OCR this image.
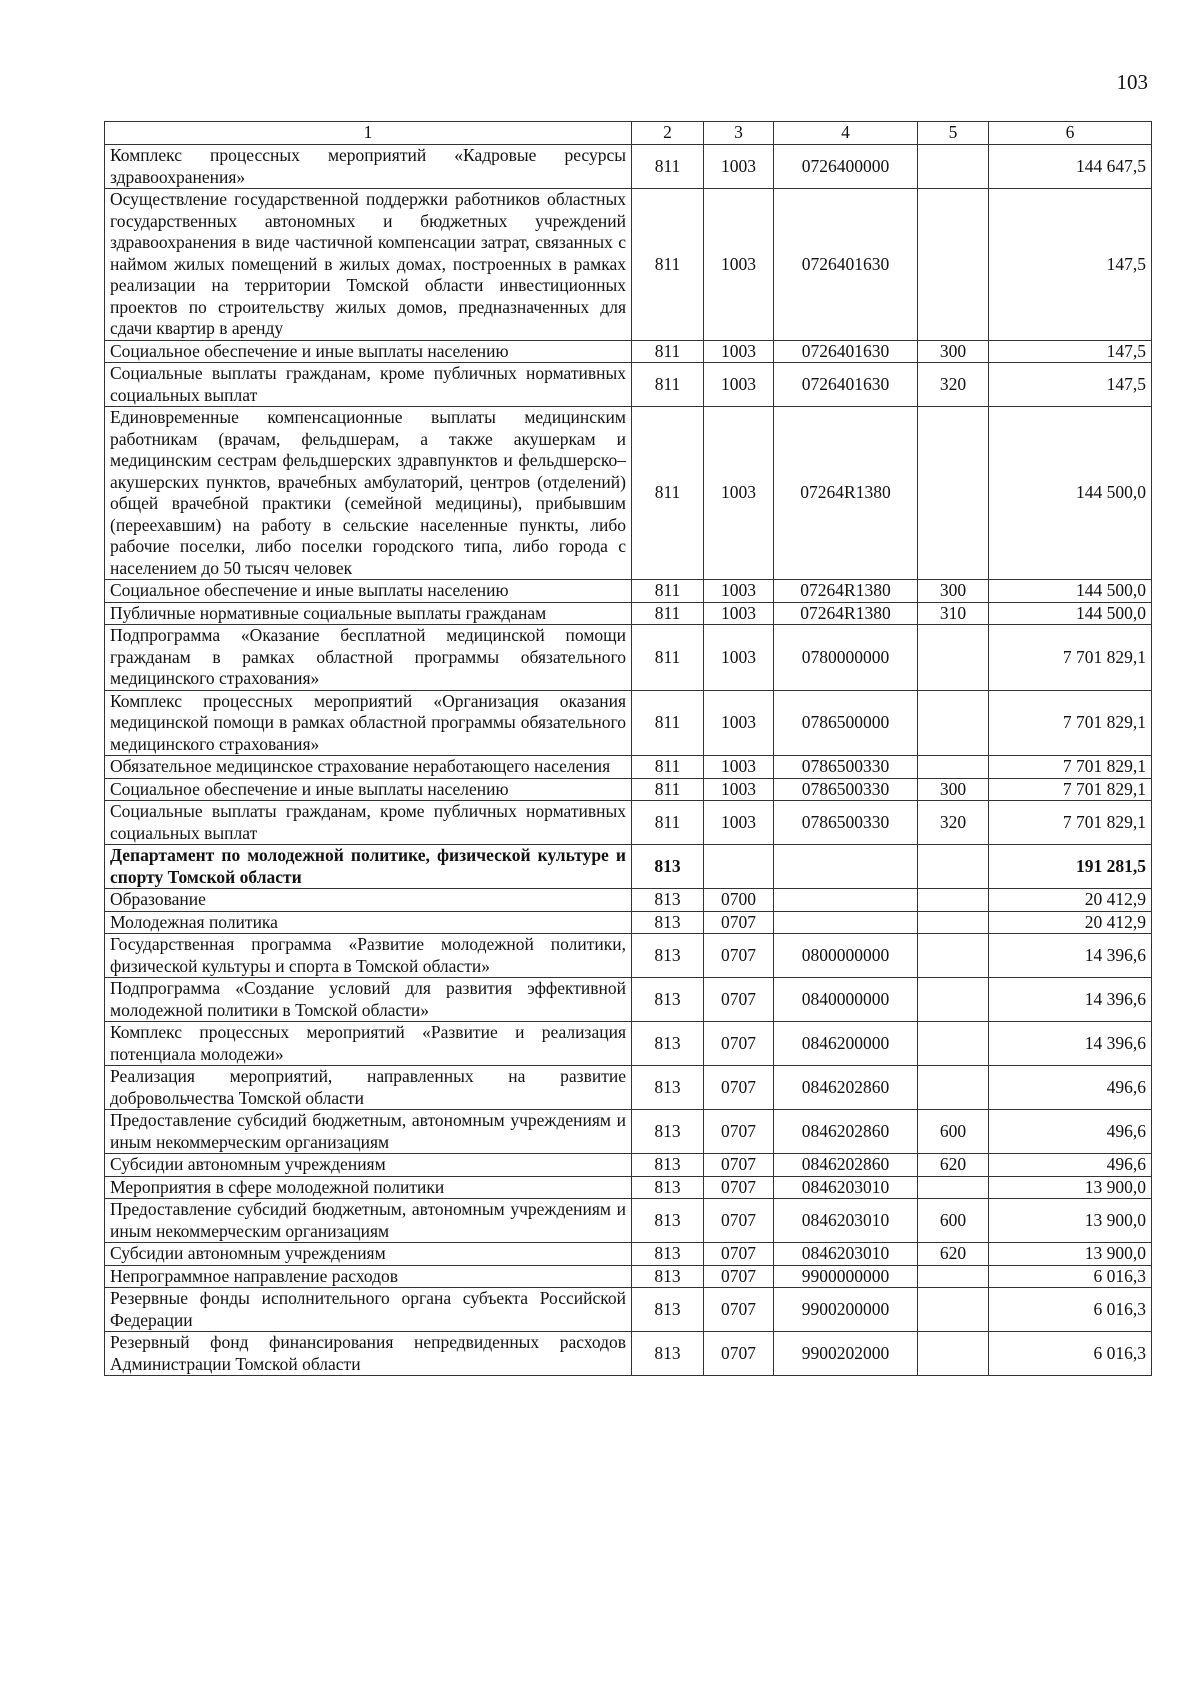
103
1	2	3	4	5	6
Комплекс процессных мероприятий «Кадровые ресурсы здравоохранения»	811	1003	0726400000		144 647,5
Осуществление государственной поддержки работников областных государственных автономных и бюджетных учреждений здравоохранения в виде частичной компенсации затрат, связанных с наймом жилых помещений в жилых домах, построенных в рамках реализации на территории Томской области инвестиционных проектов по строительству жилых домов, предназначенных для сдачи квартир в аренду	811	1003	0726401630		147,5
Социальное обеспечение и иные выплаты населению	811	1003	0726401630	300	147,5
Социальные выплаты гражданам, кроме публичных нормативных социальных выплат	811	1003	0726401630	320	147,5
Единовременные компенсационные выплаты медицинским работникам (врачам, фельдшерам, а также акушеркам и медицинским сестрам фельдшерских здравпунктов и фельдшерско–акушерских пунктов, врачебных амбулаторий, центров (отделений) общей врачебной практики (семейной медицины), прибывшим (переехавшим) на работу в сельские населенные пункты, либо рабочие поселки, либо поселки городского типа, либо города с населением до 50 тысяч человек	811	1003	07264R1380		144 500,0
Социальное обеспечение и иные выплаты населению	811	1003	07264R1380	300	144 500,0
Публичные нормативные социальные выплаты гражданам	811	1003	07264R1380	310	144 500,0
Подпрограмма «Оказание бесплатной медицинской помощи гражданам в рамках областной программы обязательного медицинского страхования»	811	1003	0780000000		7 701 829,1
Комплекс процессных мероприятий «Организация оказания медицинской помощи в рамках областной программы обязательного медицинского страхования»	811	1003	0786500000		7 701 829,1
Обязательное медицинское страхование неработающего населения	811	1003	0786500330		7 701 829,1
Социальное обеспечение и иные выплаты населению	811	1003	0786500330	300	7 701 829,1
Социальные выплаты гражданам, кроме публичных нормативных социальных выплат	811	1003	0786500330	320	7 701 829,1
Департамент по молодежной политике, физической культуре и спорту Томской области	813				191 281,5
Образование	813	0700			20 412,9
Молодежная политика	813	0707			20 412,9
Государственная программа «Развитие молодежной политики, физической культуры и спорта в Томской области»	813	0707	0800000000		14 396,6
Подпрограмма «Создание условий для развития эффективной молодежной политики в Томской области»	813	0707	0840000000		14 396,6
Комплекс процессных мероприятий «Развитие и реализация потенциала молодежи»	813	0707	0846200000		14 396,6
Реализация мероприятий, направленных на развитие добровольчества Томской области	813	0707	0846202860		496,6
Предоставление субсидий бюджетным, автономным учреждениям и иным некоммерческим организациям	813	0707	0846202860	600	496,6
Субсидии автономным учреждениям	813	0707	0846202860	620	496,6
Мероприятия в сфере молодежной политики	813	0707	0846203010		13 900,0
Предоставление субсидий бюджетным, автономным учреждениям и иным некоммерческим организациям	813	0707	0846203010	600	13 900,0
Субсидии автономным учреждениям	813	0707	0846203010	620	13 900,0
Непрограммное направление расходов	813	0707	9900000000		6 016,3
Резервные фонды исполнительного органа субъекта Российской Федерации	813	0707	9900200000		6 016,3
Резервный фонд финансирования непредвиденных расходов Администрации Томской области	813	0707	9900202000		6 016,3
